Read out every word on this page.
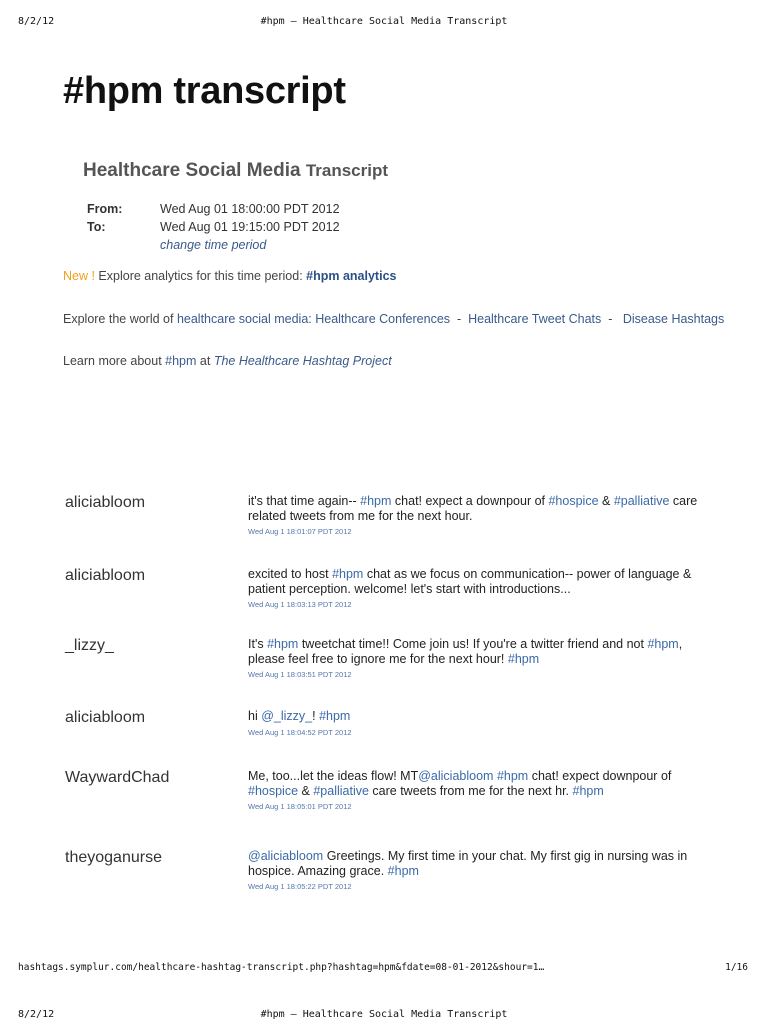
8/2/12	#hpm – Healthcare Social Media Transcript
#hpm transcript
Healthcare Social Media Transcript
From:	Wed Aug 01 18:00:00 PDT 2012
To:	Wed Aug 01 19:15:00 PDT 2012
change time period
New ! Explore analytics for this time period: #hpm analytics
Explore the world of healthcare social media: Healthcare Conferences  -  Healthcare Tweet Chats  -   Disease Hashtags
Learn more about #hpm at The Healthcare Hashtag Project
aliciabloom	it's that time again-- #hpm chat! expect a downpour of #hospice & #palliative care related tweets from me for the next hour.
Wed Aug 1 18:01:07 PDT 2012
aliciabloom	excited to host #hpm chat as we focus on communication-- power of language & patient perception. welcome! let's start with introductions...
Wed Aug 1 18:03:13 PDT 2012
_lizzy_	It's #hpm tweetchat time!! Come join us! If you're a twitter friend and not #hpm, please feel free to ignore me for the next hour! #hpm
Wed Aug 1 18:03:51 PDT 2012
aliciabloom	hi @_lizzy_! #hpm
Wed Aug 1 18:04:52 PDT 2012
WaywardChad	Me, too...let the ideas flow! MT@aliciabloom #hpm chat! expect downpour of #hospice & #palliative care tweets from me for the next hr. #hpm
Wed Aug 1 18:05:01 PDT 2012
theyoganurse	@aliciabloom Greetings. My first time in your chat. My first gig in nursing was in hospice. Amazing grace. #hpm
Wed Aug 1 18:05:22 PDT 2012
hashtags.symplur.com/healthcare-hashtag-transcript.php?hashtag=hpm&fdate=08-01-2012&shour=1…	1/16
8/2/12	#hpm – Healthcare Social Media Transcript
